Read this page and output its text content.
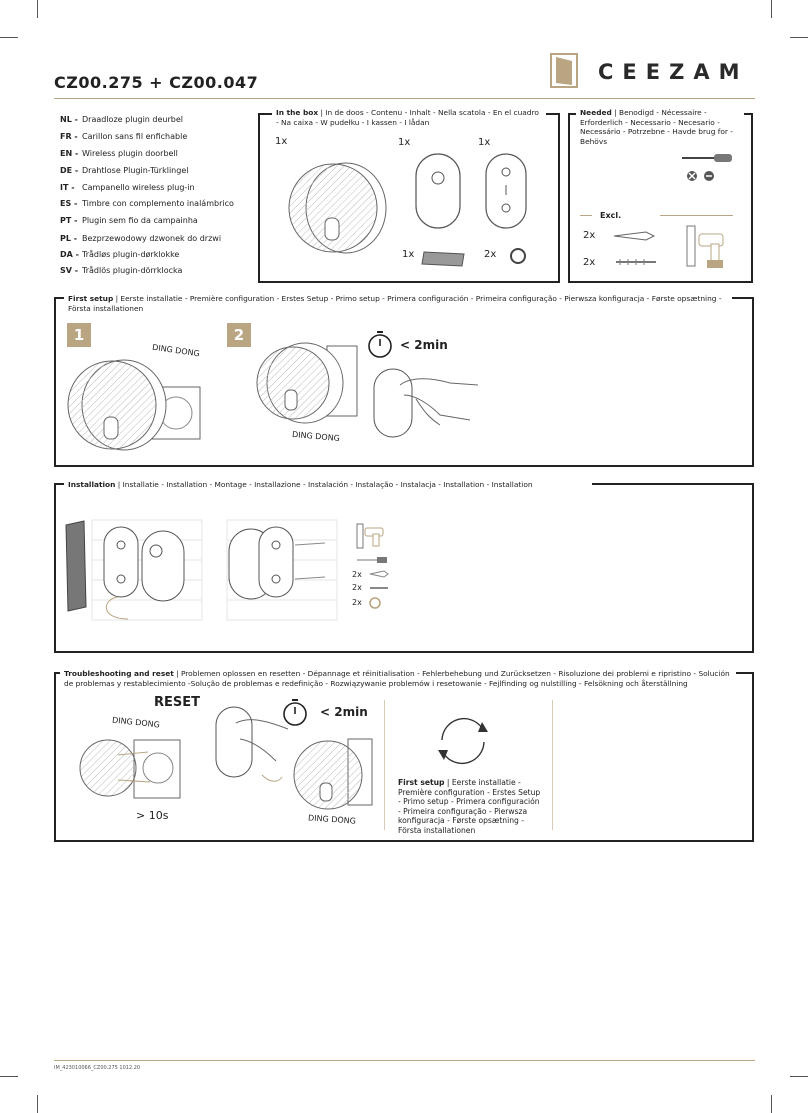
CZ00.275 + CZ00.047	CEEZAM
NL - Draadloze plugin deurbel
FR - Carillon sans fil enfichable
EN - Wireless plugin doorbell
DE - Drahtlose Plugin-Türklingel
IT - Campanello wireless plug-in
ES - Timbre con complemento inalámbrico
PT - Plugin sem fio da campainha
PL - Bezprzewodowy dzwonek do drzwi
DA - Trådløs plugin-dørklokke
SV - Trådlös plugin-dörrklocka
In the box | In de doos - Contenu - Inhalt - Nella scatola - En el cuadro - Na caixa - W pudełku - I kassen - I lådan
1x	1x	1x
1x	2x
Needed | Benodigd - Nécessaire - Erforderlich - Necessario - Necesario - Necessário - Potrzebne - Havde brug for - Behövs
Excl.
2x
2x
First setup | Eerste installatie - Première configuration - Erstes Setup - Primo setup - Primera configuración - Primeira configuração - Pierwsza konfiguracja - Første opsætning - Första installationen
1	2
DING DONG
DING DONG
< 2min
Installation | Installatie - Installation - Montage - Installazione - Instalación - Instalação - Instalacja - Installation - Installation
2x
2x
2x
Troubleshooting and reset | Problemen oplossen en resetten - Dépannage et réinitialisation - Fehlerbehebung und Zurücksetzen - Risoluzione dei problemi e ripristino - Solución de problemas y restablecimiento -Solução de problemas e redefinição - Rozwiązywanie problemów i resetowanie - Fejlfinding og nulstilling - Felsökning och återställning
RESET
DING DONG
> 10s
< 2min
DING DONG
First setup | Eerste installatie - Première configuration - Erstes Setup - Primo setup - Primera configuración - Primeira configuração - Pierwsza konfiguracja - Første opsætning - Första installationen
IM_423010066_CZ00.275 1012.20
